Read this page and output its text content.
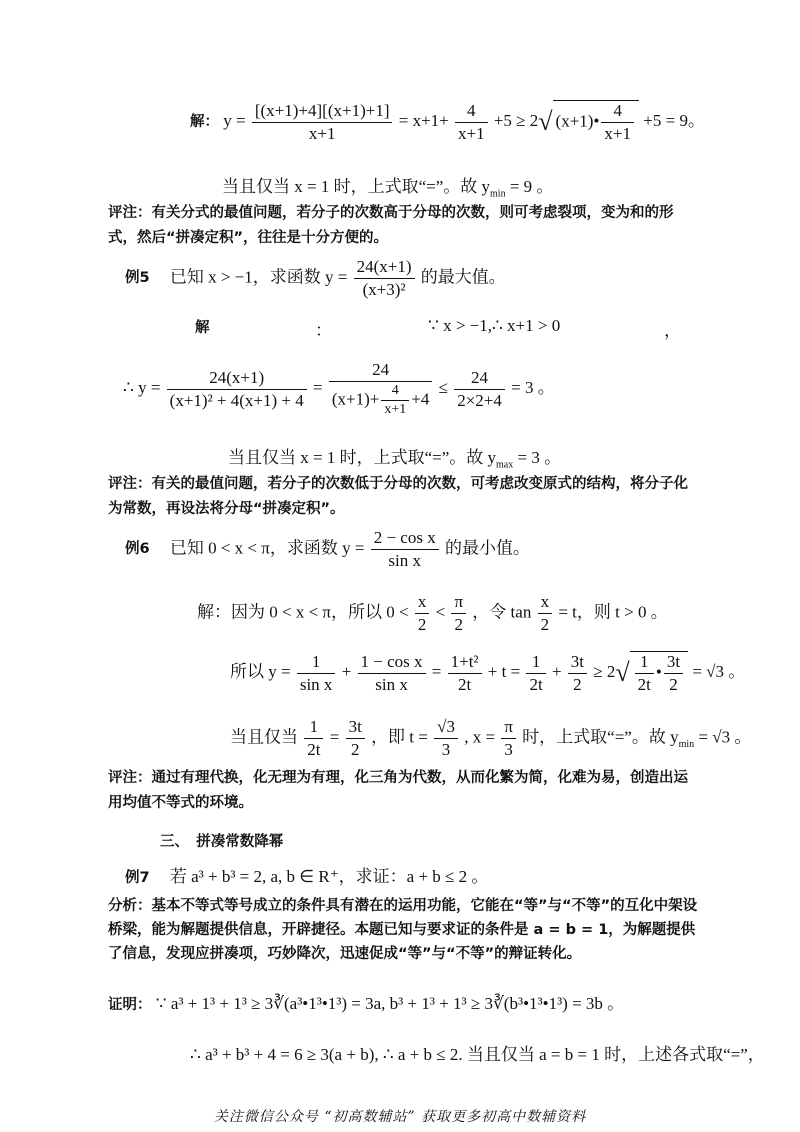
解： $y = \frac{[(x+1)+4][(x+1)+1]}{x+1} = x+1+ \frac{4}{x+1} +5 \ge 2√$ (x+1)• $\frac{4}{x+1} +5 = 9$。
当且仅当 x = 1 时，上式取“=”。故 $y_{min} = 9$ 。
评注：有关分式的最值问题，若分子的次数高于分母的次数，则可考虑裂项，变为和的形式，然后“拼凑定积”，往往是十分方便的。
例5 已知 x > −1，求函数 $y = \frac{24(x+1)}{\text{(x+3)²}}$ 的最大值。
解	：	∵ x > −1,∴ x+1 > 0	，
∴ $y = \frac{24(x+1)}{\text{(x+1)² + 4(x+1) + 4}} = \frac{24}{(x+1)+ \frac{4}{x+1} +4} \le \frac{24}{2\times 2+4} = 3$ 。
当且仅当 x = 1 时，上式取“=”。故 $y_{max} = 3$ 。
评注：有关的最值问题，若分子的次数低于分母的次数，可考虑改变原式的结构，将分子化为常数，再设法将分母“拼凑定积”。
例6 已知 0 < x < π，求函数 $y = \frac{\text{2 − cos x}}{\text{sin x}}$ 的最小值。
解：因为 0 < x < π，所以 $0 < \frac{x}{2} < \frac{\pi}{2}$ ，令 $\tan \frac{x}{2} = t$，则 t > 0 。
所以 $y = \frac{1}{\text{sin x}} + \frac{\text{1 − cos x}}{\text{sin x}} = \frac{\text{1+t²}}{2t} + t = \frac{1}{2t} + \frac{3t}{2} \ge 2√ \frac{1}{2t}$ • $\frac{3t}{2} = √3$ 。
当且仅当 $\frac{1}{2t} = \frac{3t}{2}$ ，即 $t = \frac{√3}{3}$ , $x = \frac{\pi}{3}$ 时，上式取“=”。故 $y_{min} = √3$ 。
评注：通过有理代换，化无理为有理，化三角为代数，从而化繁为简，化难为易，创造出运用均值不等式的环境。
三、　拼凑常数降幂
例7 若 a³ + b³ = 2, a, b ∈ R⁺，求证：a + b ≤ 2 。
分析：基本不等式等号成立的条件具有潜在的运用功能，它能在“等”与“不等”的互化中架设桥梁，能为解题提供信息，开辟捷径。本题已知与要求证的条件是 a = b = 1，为解题提供了信息，发现应拼凑项，巧妙降次，迅速促成“等”与“不等”的辩证转化。
证明： ∵ a³ + 1³ + 1³ ≥ 3∛(a³•1³•1³) = 3a, b³ + 1³ + 1³ ≥ 3∛(b³•1³•1³) = 3b 。
∴ a³ + b³ + 4 = 6 ≥ 3(a + b), ∴ a + b ≤ 2. 当且仅当 a = b = 1 时，上述各式取“=”，
关注微信公众号 “初高数辅站” 获取更多初高中数辅资料
